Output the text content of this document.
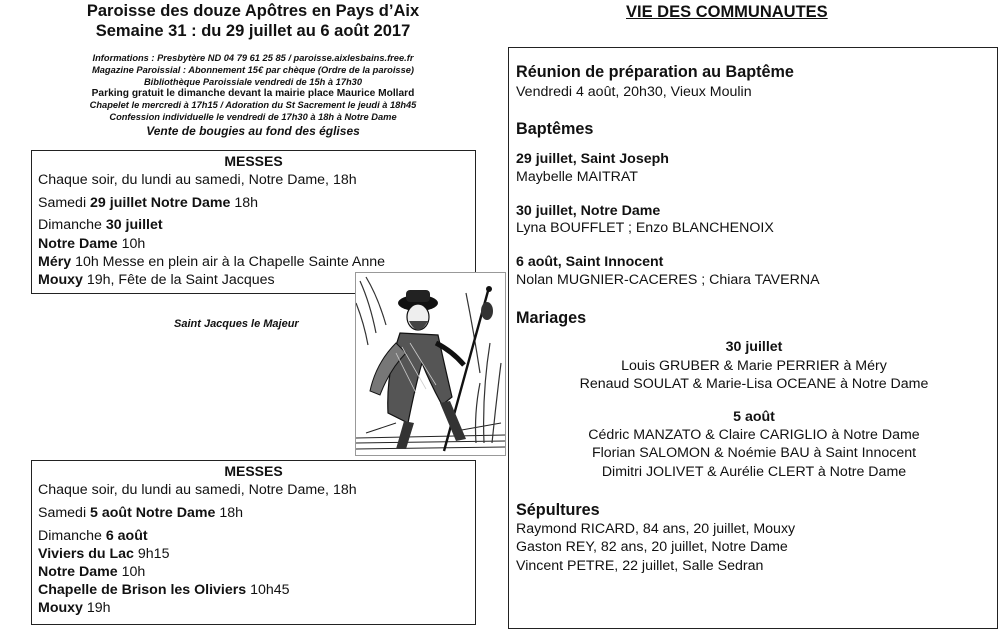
Paroisse des douze Apôtres en Pays d’Aix
Semaine 31 : du 29 juillet au 6 août 2017
Informations : Presbytère ND 04 79 61 25 85 / paroisse.aixlesbains.free.fr
Magazine Paroissial : Abonnement 15€ par chèque (Ordre de la paroisse)
Bibliothèque Paroissiale vendredi de 15h à 17h30
Parking gratuit le dimanche devant la mairie place Maurice Mollard
Chapelet le mercredi à 17h15 / Adoration du St Sacrement le jeudi à 18h45
Confession individuelle le vendredi de 17h30 à 18h à Notre Dame
Vente de bougies au fond des églises
MESSES
Chaque soir, du lundi au samedi, Notre Dame, 18h
Samedi 29 juillet Notre Dame 18h
Dimanche 30 juillet
Notre Dame 10h
Méry 10h Messe en plein air à la Chapelle Sainte Anne
Mouxy 19h, Fête de la Saint Jacques
Saint Jacques le Majeur
MESSES
Chaque soir, du lundi au samedi, Notre Dame, 18h
Samedi 5 août Notre Dame 18h
Dimanche 6 août
Viviers du Lac 9h15
Notre Dame 10h
Chapelle de Brison les Oliviers 10h45
Mouxy 19h
VIE DES COMMUNAUTES
Réunion de préparation au Baptême
Vendredi 4 août, 20h30, Vieux Moulin
Baptêmes
29 juillet, Saint Joseph
Maybelle MAITRAT
30 juillet, Notre Dame
Lyna BOUFFLET ; Enzo BLANCHENOIX
6 août, Saint Innocent
Nolan MUGNIER-CACERES ; Chiara TAVERNA
Mariages
30 juillet
Louis GRUBER & Marie PERRIER à Méry
Renaud SOULAT & Marie-Lisa OCEANE à Notre Dame
5 août
Cédric MANZATO & Claire CARIGLIO à Notre Dame
Florian SALOMON & Noémie BAU à Saint Innocent
Dimitri JOLIVET & Aurélie CLERT à Notre Dame
Sépultures
Raymond RICARD, 84 ans, 20 juillet, Mouxy
Gaston REY, 82 ans, 20 juillet, Notre Dame
Vincent PETRE, 22 juillet, Salle Sedran
